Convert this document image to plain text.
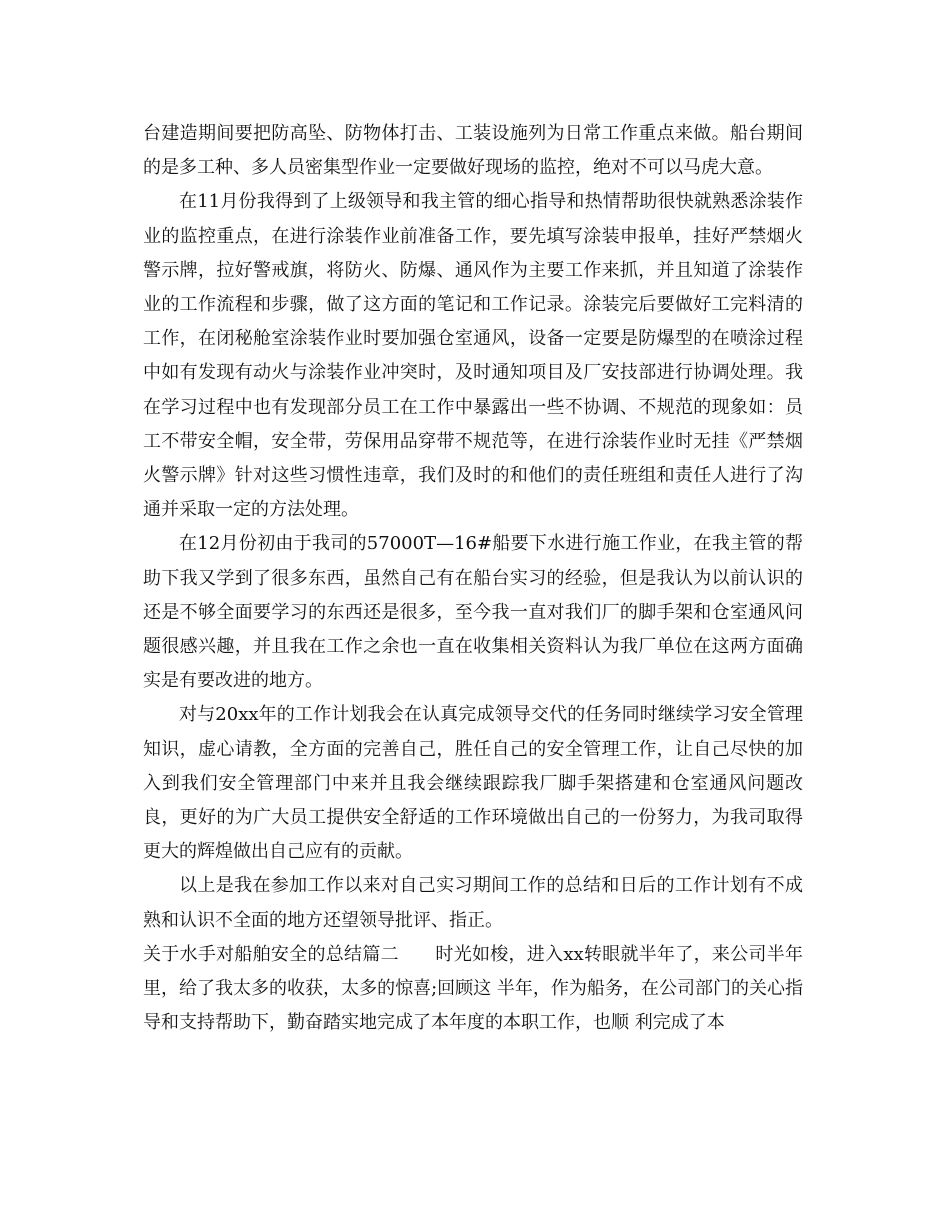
台建造期间要把防高坠、防物体打击、工装设施列为日常工作重点来做。船台期间的是多工种、多人员密集型作业一定要做好现场的监控，绝对不可以马虎大意。

在11月份我得到了上级领导和我主管的细心指导和热情帮助很快就熟悉涂装作业的监控重点，在进行涂装作业前准备工作，要先填写涂装申报单，挂好严禁烟火警示牌，拉好警戒旗，将防火、防爆、通风作为主要工作来抓，并且知道了涂装作业的工作流程和步骤，做了这方面的笔记和工作记录。涂装完后要做好工完料清的工作，在闭秘舱室涂装作业时要加强仓室通风，设备一定要是防爆型的在喷涂过程中如有发现有动火与涂装作业冲突时，及时通知项目及厂安技部进行协调处理。我在学习过程中也有发现部分员工在工作中暴露出一些不协调、不规范的现象如：员工不带安全帽，安全带，劳保用品穿带不规范等，在进行涂装作业时无挂《严禁烟火警示牌》针对这些习惯性违章，我们及时的和他们的责任班组和责任人进行了沟通并采取一定的方法处理。

在12月份初由于我司的57000T—16#船要下水进行施工作业，在我主管的帮助下我又学到了很多东西，虽然自己有在船台实习的经验，但是我认为以前认识的还是不够全面要学习的东西还是很多，至今我一直对我们厂的脚手架和仓室通风问题很感兴趣，并且我在工作之余也一直在收集相关资料认为我厂单位在这两方面确实是有要改进的地方。

对与20xx年的工作计划我会在认真完成领导交代的任务同时继续学习安全管理知识，虚心请教，全方面的完善自己，胜任自己的安全管理工作，让自己尽快的加入到我们安全管理部门中来并且我会继续跟踪我厂脚手架搭建和仓室通风问题改良，更好的为广大员工提供安全舒适的工作环境做出自己的一份努力，为我司取得更大的辉煌做出自己应有的贡献。

以上是我在参加工作以来对自己实习期间工作的总结和日后的工作计划有不成熟和认识不全面的地方还望领导批评、指正。

关于水手对船舶安全的总结篇二　　时光如梭，进入xx转眼就半年了，来公司半年里，给了我太多的收获，太多的惊喜;回顾这 半年，作为船务，在公司部门的关心指导和支持帮助下，勤奋踏实地完成了本年度的本职工作，也顺 利完成了本
